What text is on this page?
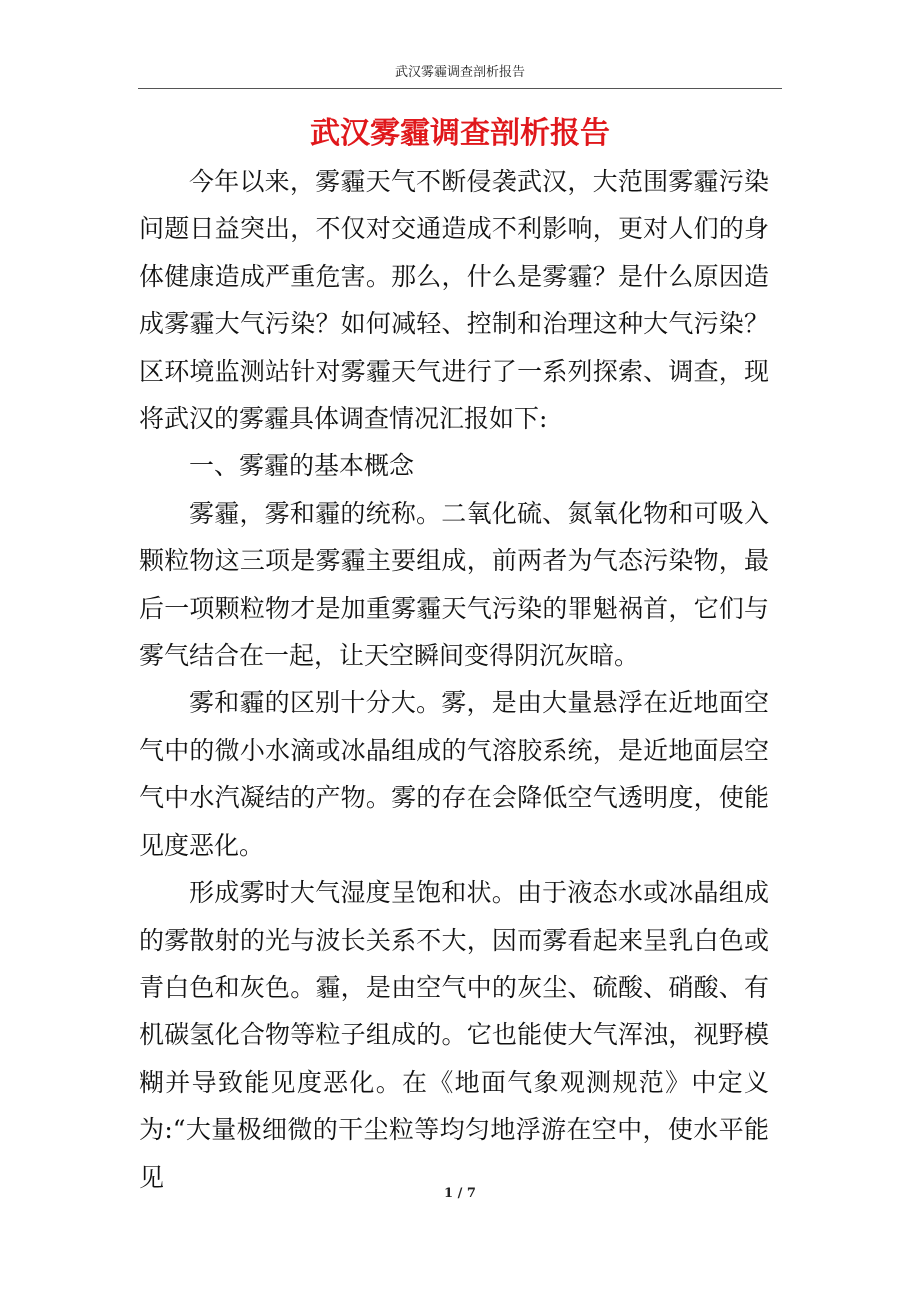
武汉雾霾调查剖析报告
武汉雾霾调查剖析报告

今年以来，雾霾天气不断侵袭武汉，大范围雾霾污染问题日益突出，不仅对交通造成不利影响，更对人们的身体健康造成严重危害。那么，什么是雾霾？是什么原因造成雾霾大气污染？如何减轻、控制和治理这种大气污染？区环境监测站针对雾霾天气进行了一系列探索、调查，现将武汉的雾霾具体调查情况汇报如下:

一、雾霾的基本概念

雾霾，雾和霾的统称。二氧化硫、氮氧化物和可吸入颗粒物这三项是雾霾主要组成，前两者为气态污染物，最后一项颗粒物才是加重雾霾天气污染的罪魁祸首，它们与雾气结合在一起，让天空瞬间变得阴沉灰暗。

雾和霾的区别十分大。雾，是由大量悬浮在近地面空气中的微小水滴或冰晶组成的气溶胶系统，是近地面层空气中水汽凝结的产物。雾的存在会降低空气透明度，使能见度恶化。

形成雾时大气湿度呈饱和状。由于液态水或冰晶组成的雾散射的光与波长关系不大，因而雾看起来呈乳白色或青白色和灰色。霾，是由空气中的灰尘、硫酸、硝酸、有机碳氢化合物等粒子组成的。它也能使大气浑浊，视野模糊并导致能见度恶化。在《地面气象观测规范》中定义为:“大量极细微的干尘粒等均匀地浮游在空中，使水平能见

1 / 7
